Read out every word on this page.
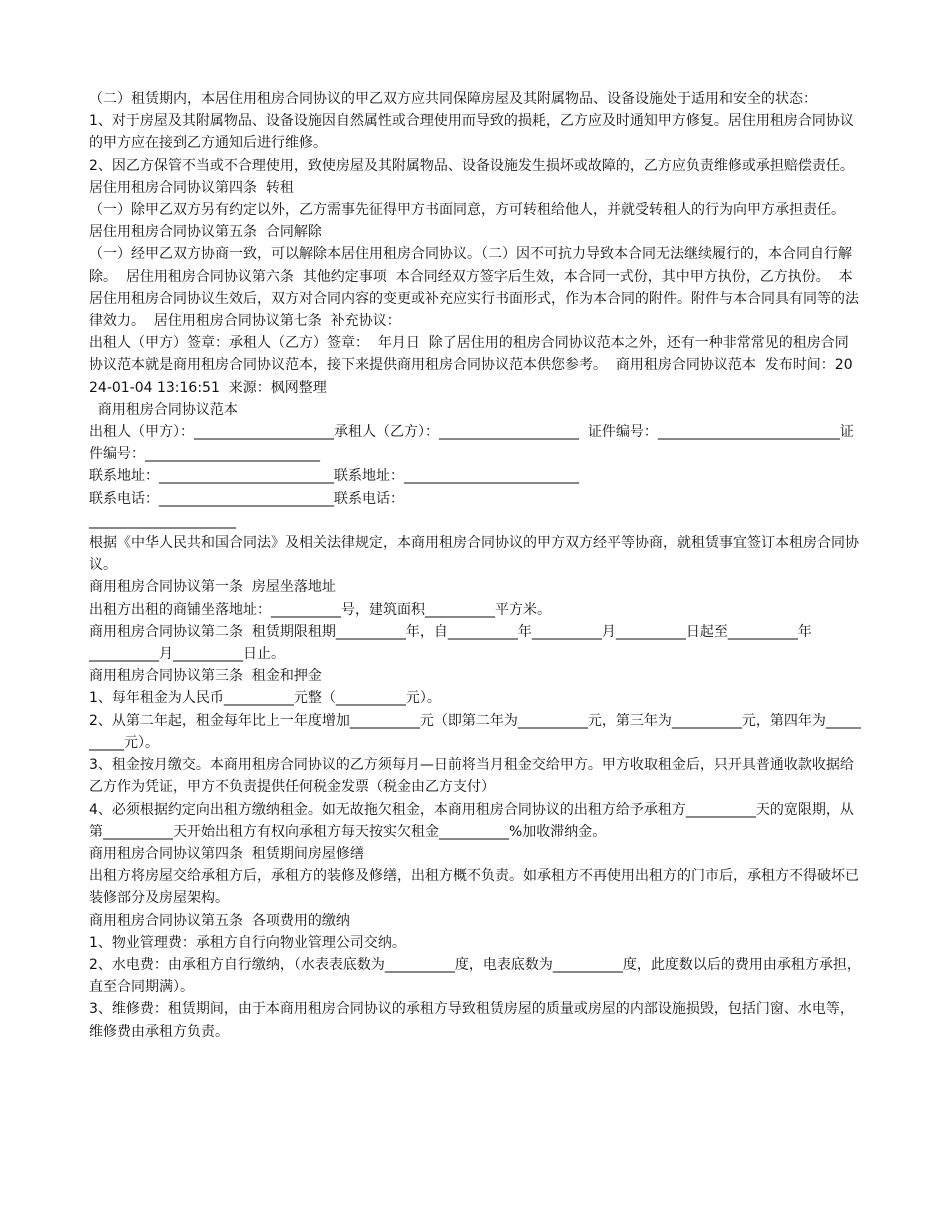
（二）租赁期内，本居住用租房合同协议的甲乙双方应共同保障房屋及其附属物品、设备设施处于适用和安全的状态：

1、对于房屋及其附属物品、设备设施因自然属性或合理使用而导致的损耗，乙方应及时通知甲方修复。居住用租房合同协议的甲方应在接到乙方通知后进行维修。

2、因乙方保管不当或不合理使用，致使房屋及其附属物品、设备设施发生损坏或故障的，乙方应负责维修或承担赔偿责任。

居住用租房合同协议第四条  转租

（一）除甲乙双方另有约定以外，乙方需事先征得甲方书面同意，方可转租给他人，并就受转租人的行为向甲方承担责任。

居住用租房合同协议第五条  合同解除

（一）经甲乙双方协商一致，可以解除本居住用租房合同协议。（二）因不可抗力导致本合同无法继续履行的，本合同自行解除。  居住用租房合同协议第六条  其他约定事项  本合同经双方签字后生效，本合同一式份，其中甲方执份，乙方执份。  本居住用租房合同协议生效后，双方对合同内容的变更或补充应实行书面形式，作为本合同的附件。附件与本合同具有同等的法律效力。  居住用租房合同协议第七条  补充协议：

出租人（甲方）签章：承租人（乙方）签章：  年月日  除了居住用的租房合同协议范本之外，还有一种非常常见的租房合同协议范本就是商用租房合同协议范本，接下来提供商用租房合同协议范本供您参考。  商用租房合同协议范本  发布时间：2024-01-04 13:16:51  来源：枫网整理

商用租房合同协议范本

出租人（甲方）：____________________承租人（乙方）：____________________  证件编号：__________________________证件编号：_________________________

联系地址：_________________________联系地址：_________________________

联系电话：_________________________联系电话：

_____________________

根据《中华人民共和国合同法》及相关法律规定，本商用租房合同协议的甲方双方经平等协商，就租赁事宜签订本租房合同协议。

商用租房合同协议第一条  房屋坐落地址

出租方出租的商铺坐落地址：__________号，建筑面积__________平方米。

商用租房合同协议第二条  租赁期限租期__________年，自__________年__________月__________日起至__________年

__________月__________日止。

商用租房合同协议第三条  租金和押金

1、每年租金为人民币__________元整（__________元）。

2、从第二年起，租金每年比上一年度增加__________元（即第二年为__________元，第三年为__________元，第四年为__________元）。

3、租金按月缴交。本商用租房合同协议的乙方须每月—日前将当月租金交给甲方。甲方收取租金后，只开具普通收款收据给乙方作为凭证，甲方不负责提供任何税金发票（税金由乙方支付）

4、必须根据约定向出租方缴纳租金。如无故拖欠租金，本商用租房合同协议的出租方给予承租方__________天的宽限期，从第__________天开始出租方有权向承租方每天按实欠租金__________%加收滞纳金。

商用租房合同协议第四条  租赁期间房屋修缮

出租方将房屋交给承租方后，承租方的装修及修缮，出租方概不负责。如承租方不再使用出租方的门市后，承租方不得破坏已装修部分及房屋架构。

商用租房合同协议第五条  各项费用的缴纳

1、物业管理费：承租方自行向物业管理公司交纳。

2、水电费：由承租方自行缴纳，（水表表底数为__________度，电表底数为__________度，此度数以后的费用由承租方承担，直至合同期满）。

3、维修费：租赁期间，由于本商用租房合同协议的承租方导致租赁房屋的质量或房屋的内部设施损毁，包括门窗、水电等，维修费由承租方负责。
